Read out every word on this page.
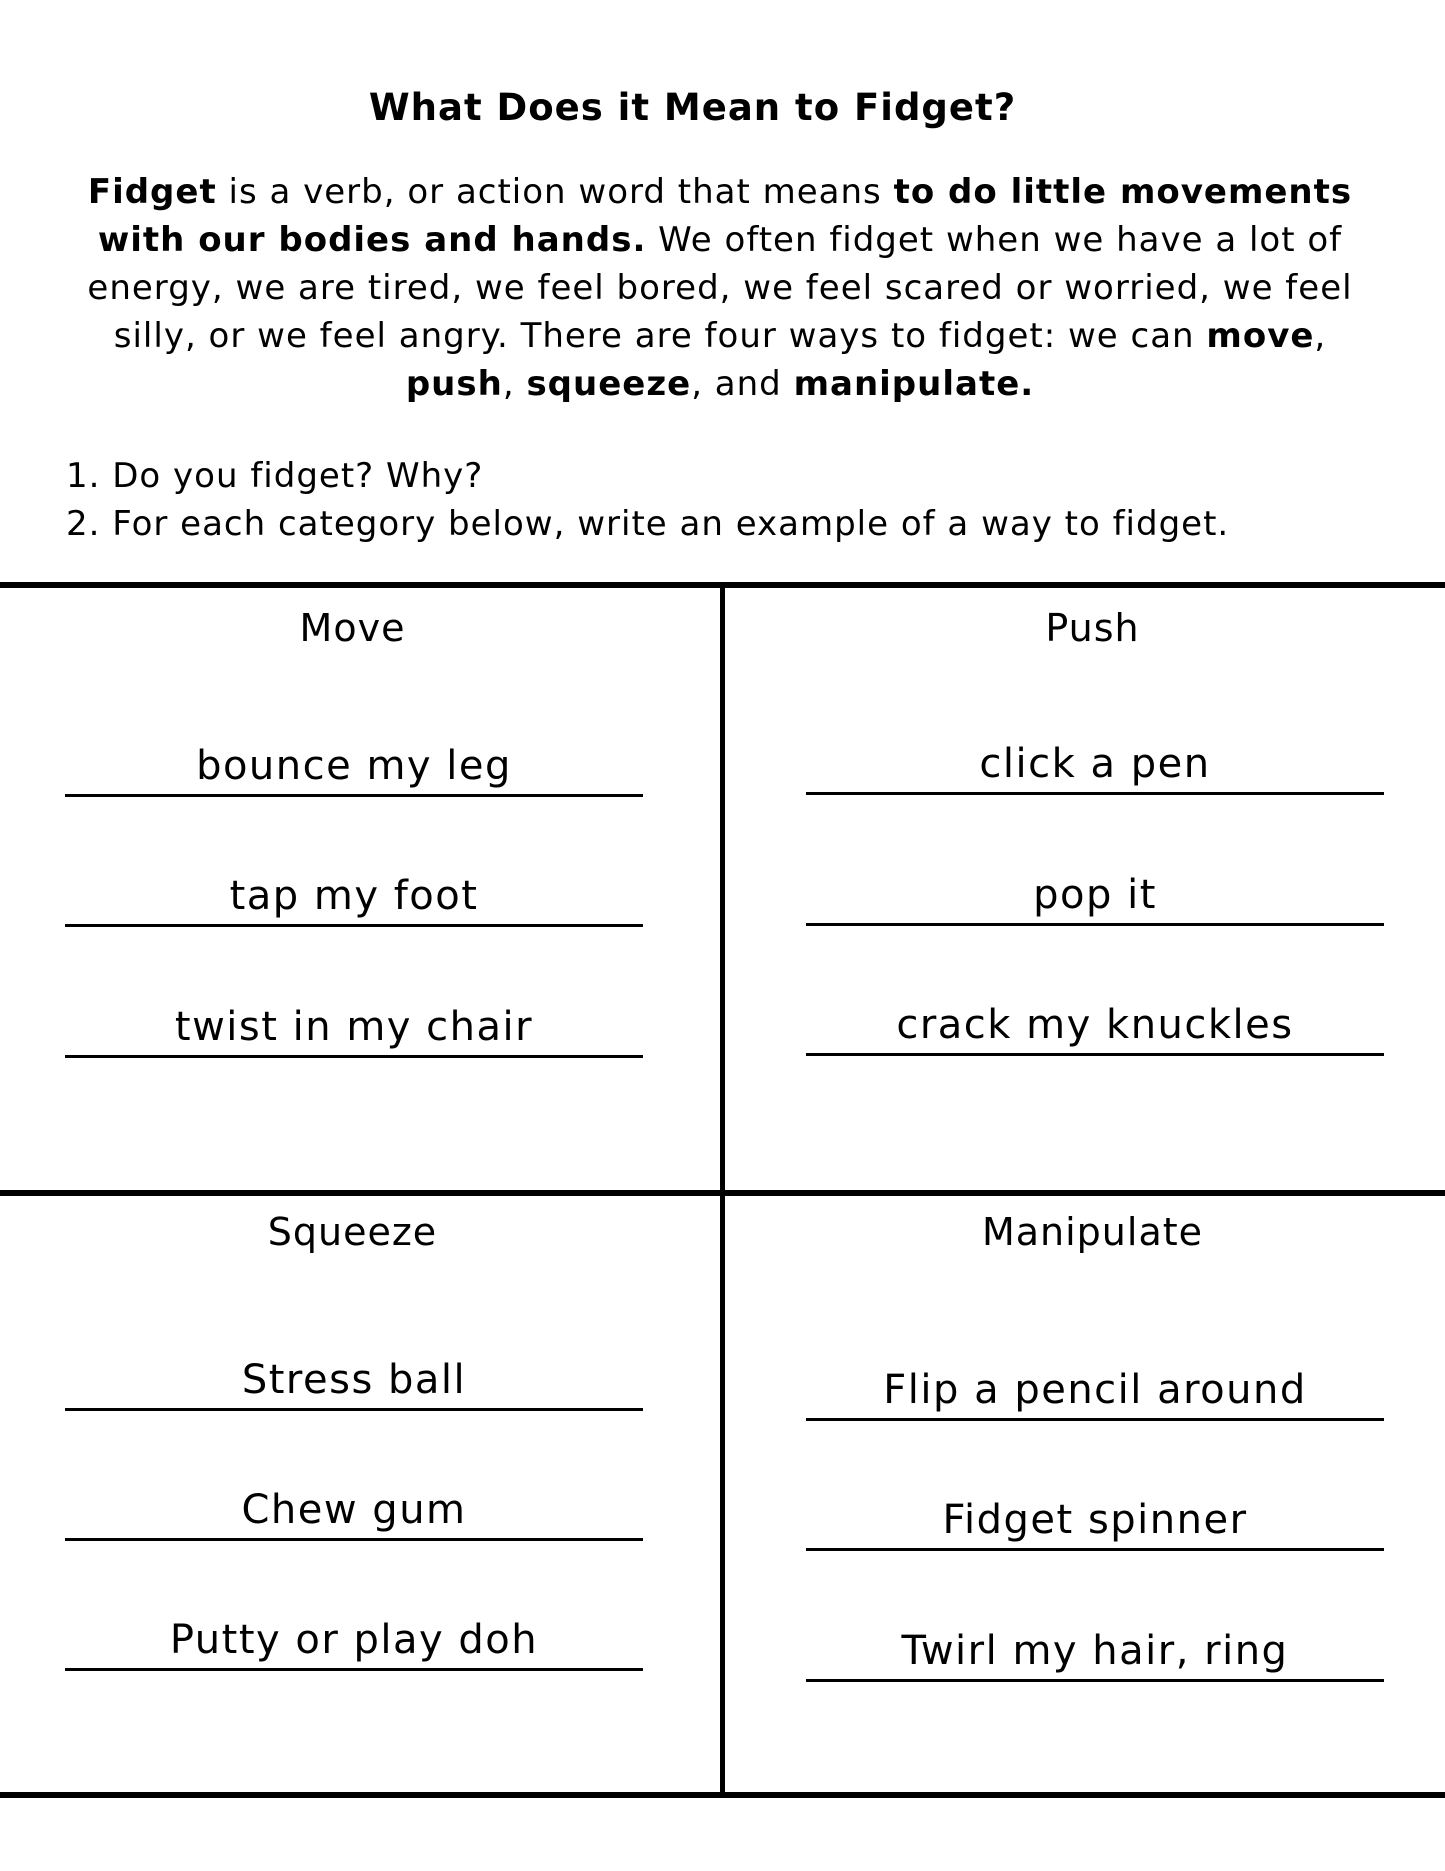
What Does it Mean to Fidget?
Fidget is a verb, or action word that means to do little movements with our bodies and hands. We often fidget when we have a lot of energy, we are tired, we feel bored, we feel scared or worried, we feel silly, or we feel angry. There are four ways to fidget: we can move, push, squeeze, and manipulate.
1. Do you fidget? Why?
2. For each category below, write an example of a way to fidget.
Move
bounce my leg
tap my foot
twist in my chair
Push
click a pen
pop it
crack my knuckles
Squeeze
Stress ball
Chew gum
Putty or play doh
Manipulate
Flip a pencil around
Fidget spinner
Twirl my hair, ring
